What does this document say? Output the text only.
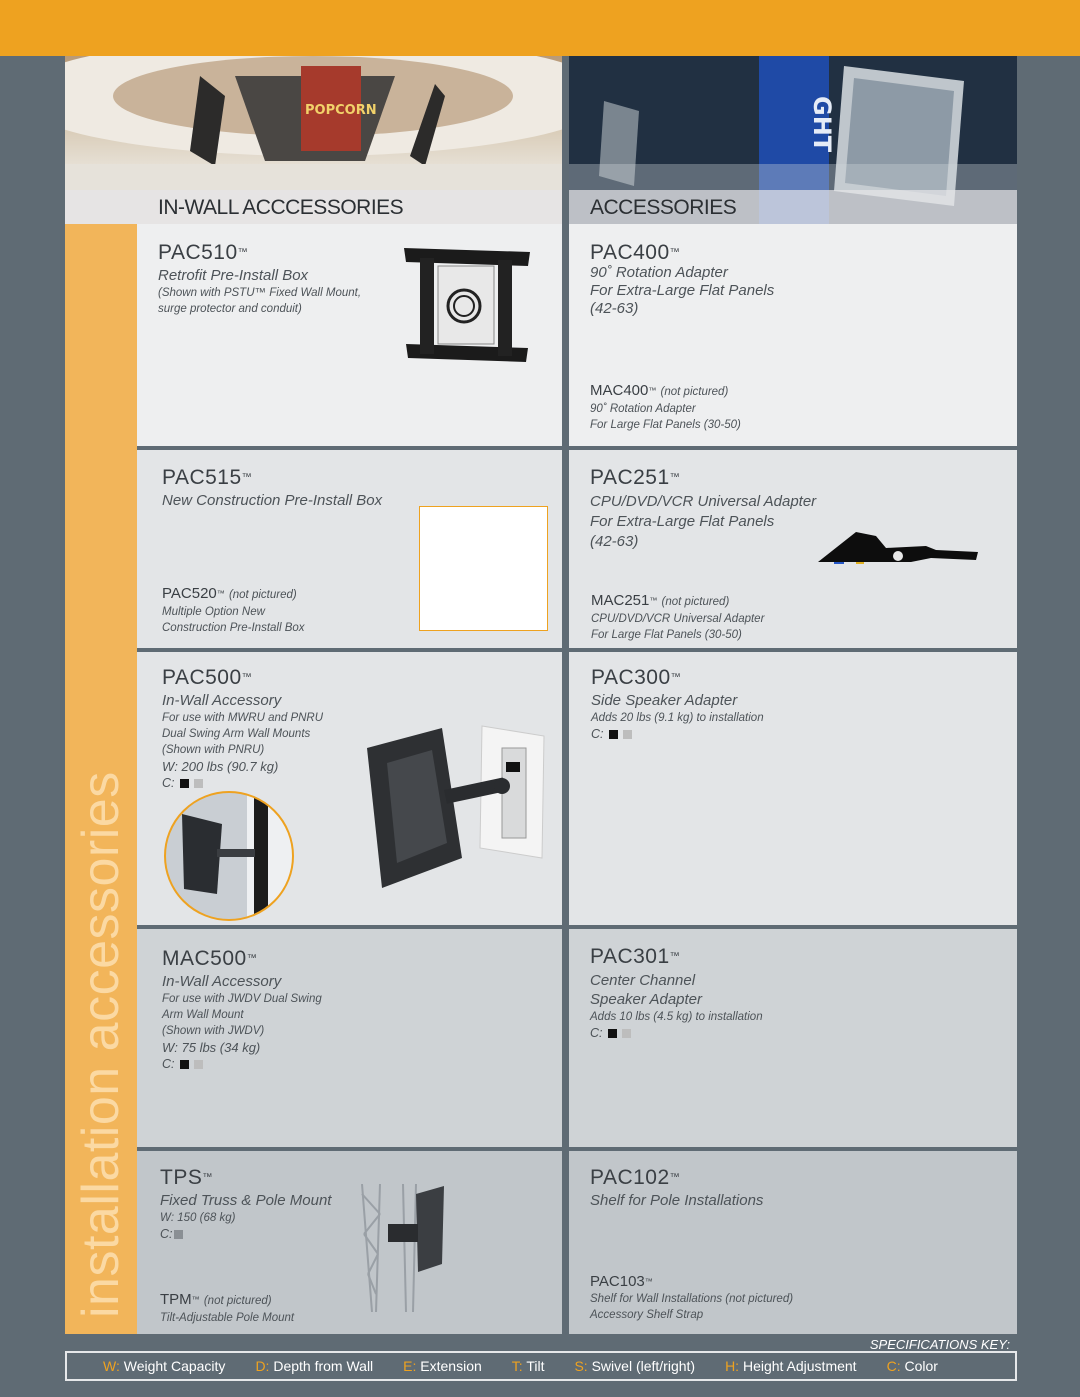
POPCORN	GHT
IN-WALL ACCCESSORIES	ACCESSORIES
installation accessories
PAC510™
Retrofit Pre-Install Box
(Shown with PSTU™ Fixed Wall Mount,
surge protector and conduit)
PAC400™
90˚ Rotation Adapter
For Extra-Large Flat Panels
(42-63)
MAC400™ (not pictured)
90˚ Rotation Adapter
For Large Flat Panels (30-50)
PAC515™
New Construction Pre-Install Box
PAC520™ (not pictured)
Multiple Option New
Construction Pre-Install Box
PAC251™
CPU/DVD/VCR Universal Adapter
For Extra-Large Flat Panels
(42-63)
MAC251™ (not pictured)
CPU/DVD/VCR Universal Adapter
For Large Flat Panels (30-50)
PAC500™
In-Wall Accessory
For use with MWRU and PNRU
Dual Swing Arm Wall Mounts
(Shown with PNRU)
W: 200 lbs (90.7 kg)
C:
PAC300™
Side Speaker Adapter
Adds 20 lbs (9.1 kg) to installation
C:
MAC500™
In-Wall Accessory
For use with JWDV Dual Swing
Arm Wall Mount
(Shown with JWDV)
W: 75 lbs (34 kg)
C:
PAC301™
Center Channel
Speaker Adapter
Adds 10 lbs (4.5 kg) to installation
C:
TPS™
Fixed Truss & Pole Mount
W: 150 (68 kg)
C:
TPM™ (not pictured)
Tilt-Adjustable Pole Mount
PAC102™
Shelf for Pole Installations
PAC103™
Shelf for Wall Installations (not pictured)
Accessory Shelf Strap
SPECIFICATIONS KEY:
W: Weight Capacity D: Depth from Wall E: Extension T: Tilt S: Swivel (left/right) H: Height Adjustment C: Color
